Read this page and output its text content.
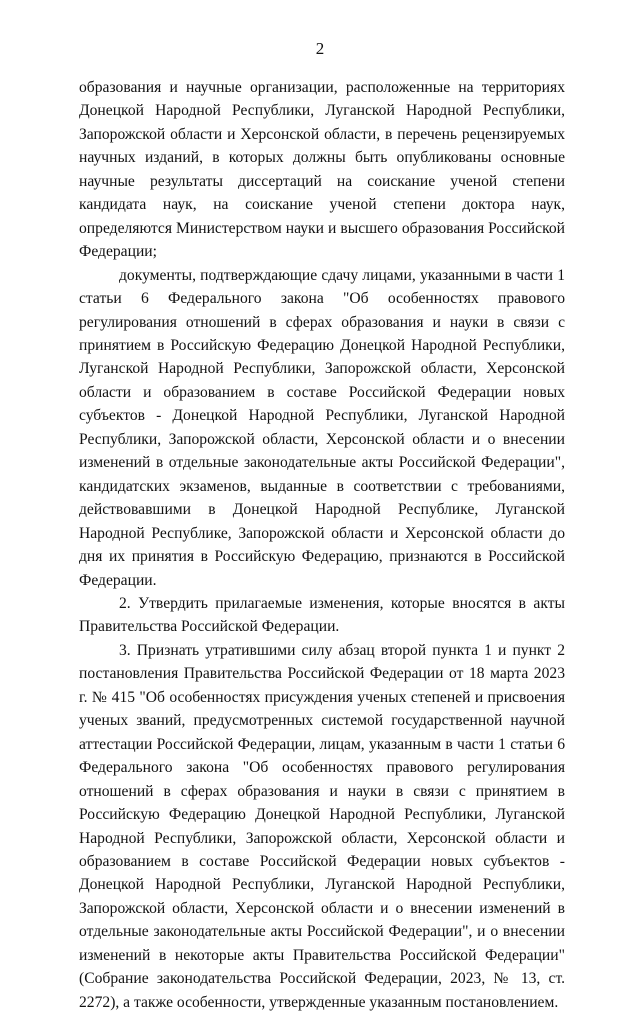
2

образования и научные организации, расположенные на территориях Донецкой Народной Республики, Луганской Народной Республики, Запорожской области и Херсонской области, в перечень рецензируемых научных изданий, в которых должны быть опубликованы основные научные результаты диссертаций на соискание ученой степени кандидата наук, на соискание ученой степени доктора наук, определяются Министерством науки и высшего образования Российской Федерации;

документы, подтверждающие сдачу лицами, указанными в части 1 статьи 6 Федерального закона "Об особенностях правового регулирования отношений в сферах образования и науки в связи с принятием в Российскую Федерацию Донецкой Народной Республики, Луганской Народной Республики, Запорожской области, Херсонской области и образованием в составе Российской Федерации новых субъектов - Донецкой Народной Республики, Луганской Народной Республики, Запорожской области, Херсонской области и о внесении изменений в отдельные законодательные акты Российской Федерации", кандидатских экзаменов, выданные в соответствии с требованиями, действовавшими в Донецкой Народной Республике, Луганской Народной Республике, Запорожской области и Херсонской области до дня их принятия в Российскую Федерацию, признаются в Российской Федерации.

2. Утвердить прилагаемые изменения, которые вносятся в акты Правительства Российской Федерации.

3. Признать утратившими силу абзац второй пункта 1 и пункт 2 постановления Правительства Российской Федерации от 18 марта 2023 г. № 415 "Об особенностях присуждения ученых степеней и присвоения ученых званий, предусмотренных системой государственной научной аттестации Российской Федерации, лицам, указанным в части 1 статьи 6 Федерального закона "Об особенностях правового регулирования отношений в сферах образования и науки в связи с принятием в Российскую Федерацию Донецкой Народной Республики, Луганской Народной Республики, Запорожской области, Херсонской области и образованием в составе Российской Федерации новых субъектов - Донецкой Народной Республики, Луганской Народной Республики, Запорожской области, Херсонской области и о внесении изменений в отдельные законодательные акты Российской Федерации", и о внесении изменений в некоторые акты Правительства Российской Федерации" (Собрание законодательства Российской Федерации, 2023, № 13, ст. 2272), а также особенности, утвержденные указанным постановлением.
